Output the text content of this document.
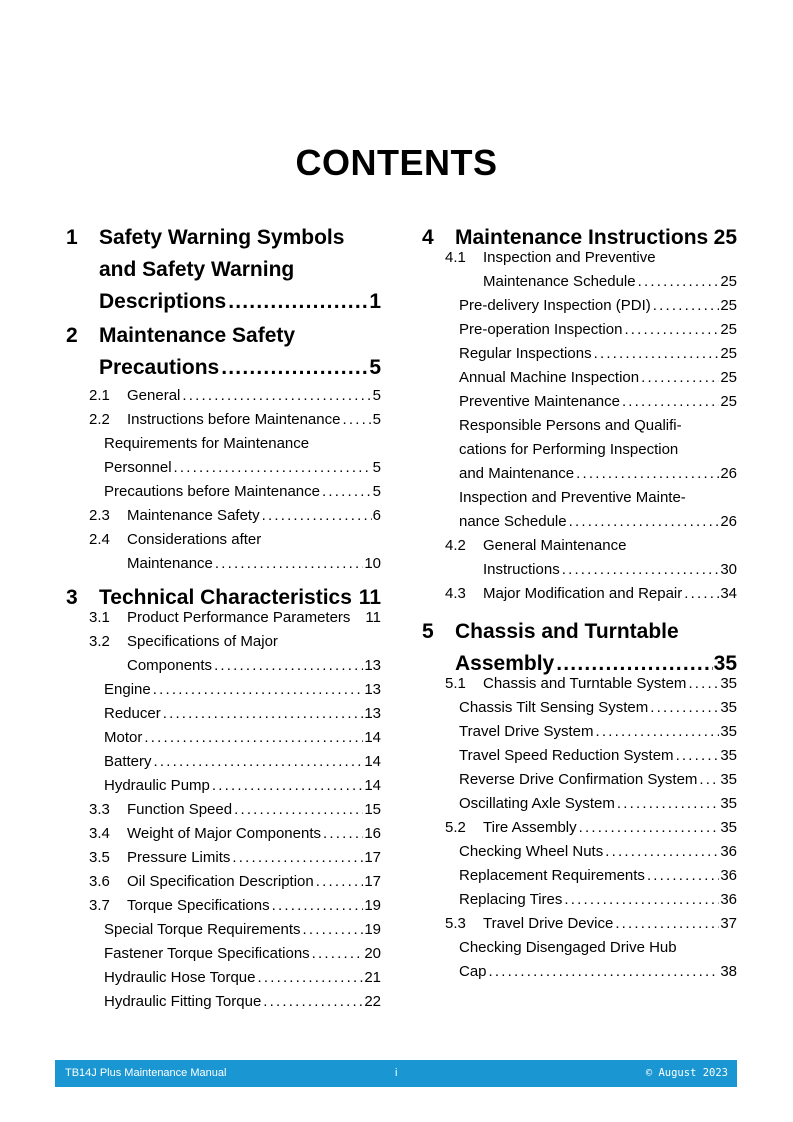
CONTENTS
1 Safety Warning Symbols
and Safety Warning
Descriptions .....	1
2 Maintenance Safety
Precautions .....	5
2.1 General .....	5
2.2 Instructions before Maintenance ..... 5
Requirements for Maintenance
Personnel .....	5
Precautions before Maintenance .....	5
2.3 Maintenance Safety .....	6
2.4 Considerations after
Maintenance .....	10
3 Technical Characteristics 11
3.1 Product Performance Parameters 11
3.2 Specifications of Major
Components .....	13
Engine .....	13
Reducer .....	13
Motor .....	14
Battery .....	14
Hydraulic Pump .....	14
3.3 Function Speed .....	15
3.4 Weight of Major Components .....	16
3.5 Pressure Limits .....	17
3.6 Oil Specification Description .....	17
3.7 Torque Specifications .....	19
Special Torque Requirements .....	19
Fastener Torque Specifications .....	20
Hydraulic Hose Torque .....	21
Hydraulic Fitting Torque .....	22
4 Maintenance Instructions 25
4.1 Inspection and Preventive
Maintenance Schedule .....	25
Pre-delivery Inspection (PDI) .....	25
Pre-operation Inspection .....	25
Regular Inspections .....	25
Annual Machine Inspection .....	25
Preventive Maintenance .....	25
Responsible Persons and Qualifi-
cations for Performing Inspection
and Maintenance .....	26
Inspection and Preventive Mainte-
nance Schedule .....	26
4.2 General Maintenance
Instructions .....	30
4.3 Major Modification and Repair .....	34
5 Chassis and Turntable
Assembly .....	35
5.1 Chassis and Turntable System ..... 35
Chassis Tilt Sensing System .....	35
Travel Drive System .....	35
Travel Speed Reduction System .....	35
Reverse Drive Confirmation System ..... 35
Oscillating Axle System .....	35
5.2 Tire Assembly .....	35
Checking Wheel Nuts .....	36
Replacement Requirements .....	36
Replacing Tires .....	36
5.3 Travel Drive Device .....	37
Checking Disengaged Drive Hub
Cap .....	38
TB14J Plus Maintenance Manual	i	© August 2023
